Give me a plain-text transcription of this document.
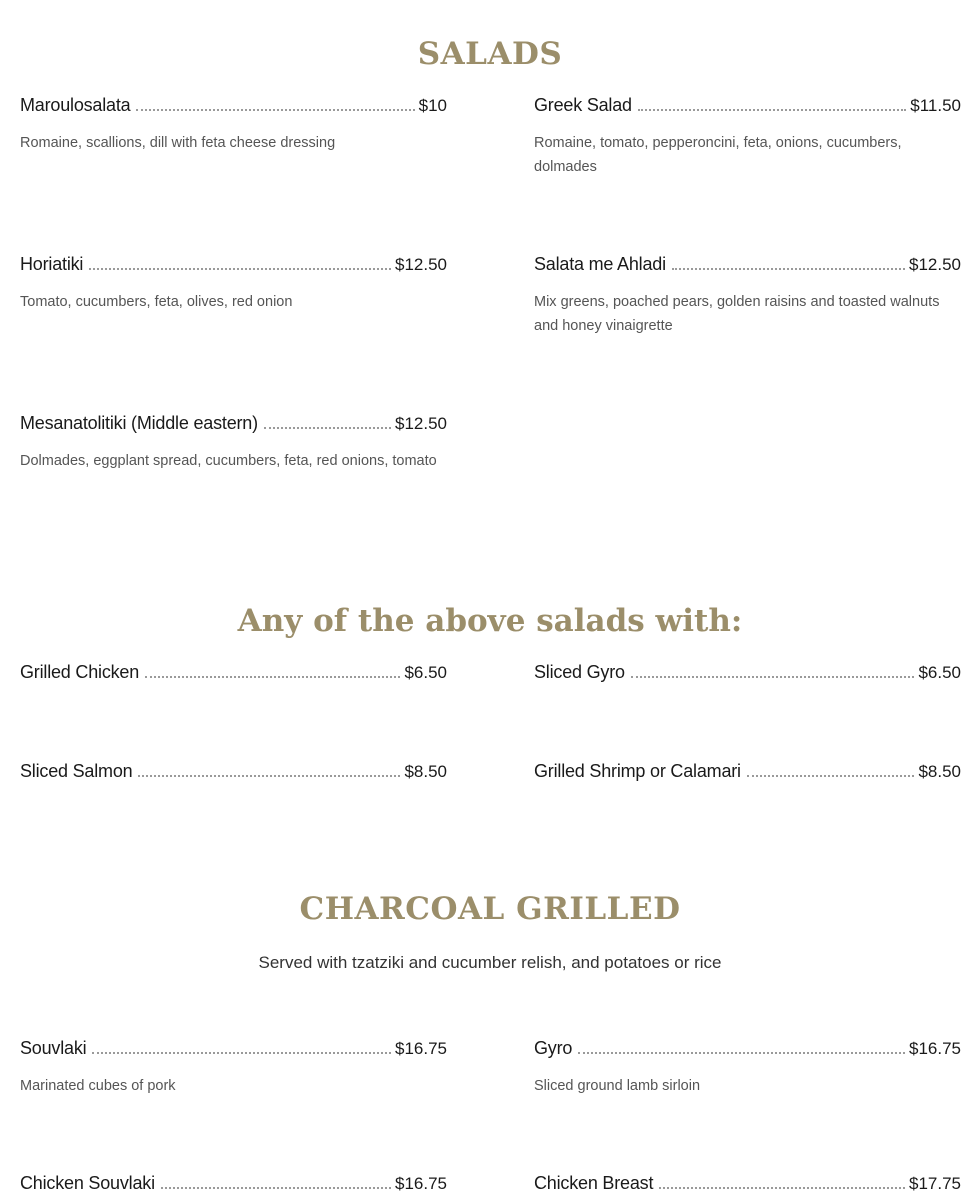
SALADS
Maroulosalata	$10
Romaine, scallions, dill with feta cheese dressing
Greek Salad	$11.50
Romaine, tomato, pepperoncini, feta, onions, cucumbers, dolmades
Horiatiki	$12.50
Tomato, cucumbers, feta, olives, red onion
Salata me Ahladi	$12.50
Mix greens, poached pears, golden raisins and toasted walnuts and honey vinaigrette
Mesanatolitiki (Middle eastern)	$12.50
Dolmades, eggplant spread, cucumbers, feta, red onions, tomato
Any of the above salads with:
Grilled Chicken	$6.50	Sliced Gyro	$6.50
Sliced Salmon	$8.50	Grilled Shrimp or Calamari	$8.50
CHARCOAL GRILLED

Served with tzatziki and cucumber relish, and potatoes or rice

Souvlaki	$16.75
Marinated cubes of pork
Gyro	$16.75
Sliced ground lamb sirloin
Chicken Souvlaki	$16.75	Chicken Breast	$17.75
